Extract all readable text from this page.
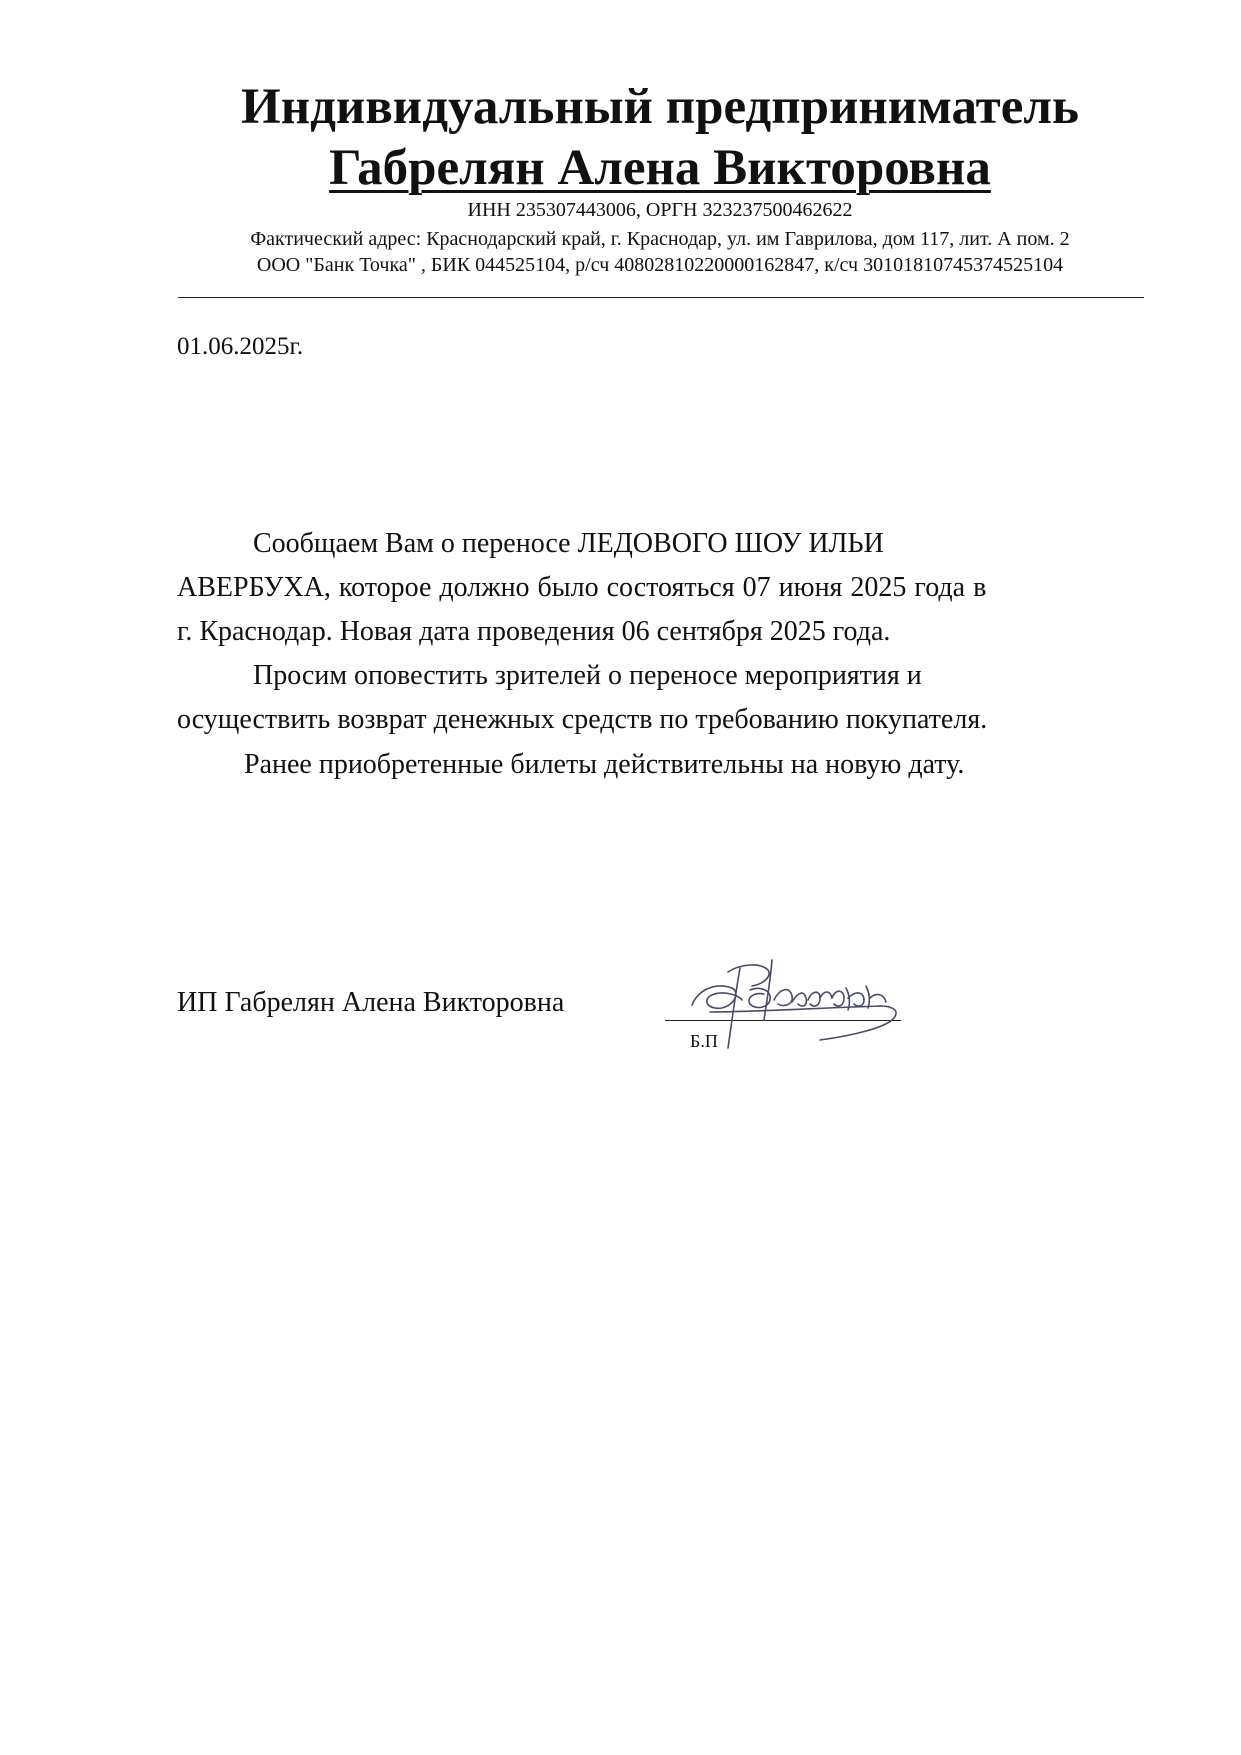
Индивидуальный предприниматель
Габрелян Алена Викторовна
ИНН 235307443006, ОРГН 323237500462622
Фактический адрес: Краснодарский край, г. Краснодар, ул. им Гаврилова, дом 117, лит. А пом. 2
ООО "Банк Точка" , БИК 044525104, р/сч 40802810220000162847, к/сч 30101810745374525104
01.06.2025г.
Сообщаем Вам о переносе ЛЕДОВОГО ШОУ ИЛЬИ
АВЕРБУХА, которое должно было состояться 07 июня 2025 года в
г. Краснодар. Новая дата проведения 06 сентября 2025 года.
Просим оповестить зрителей о переносе мероприятия и
осуществить возврат денежных средств по требованию покупателя.
Ранее приобретенные билеты действительны на новую дату.
ИП Габрелян Алена Викторовна
Б.П
